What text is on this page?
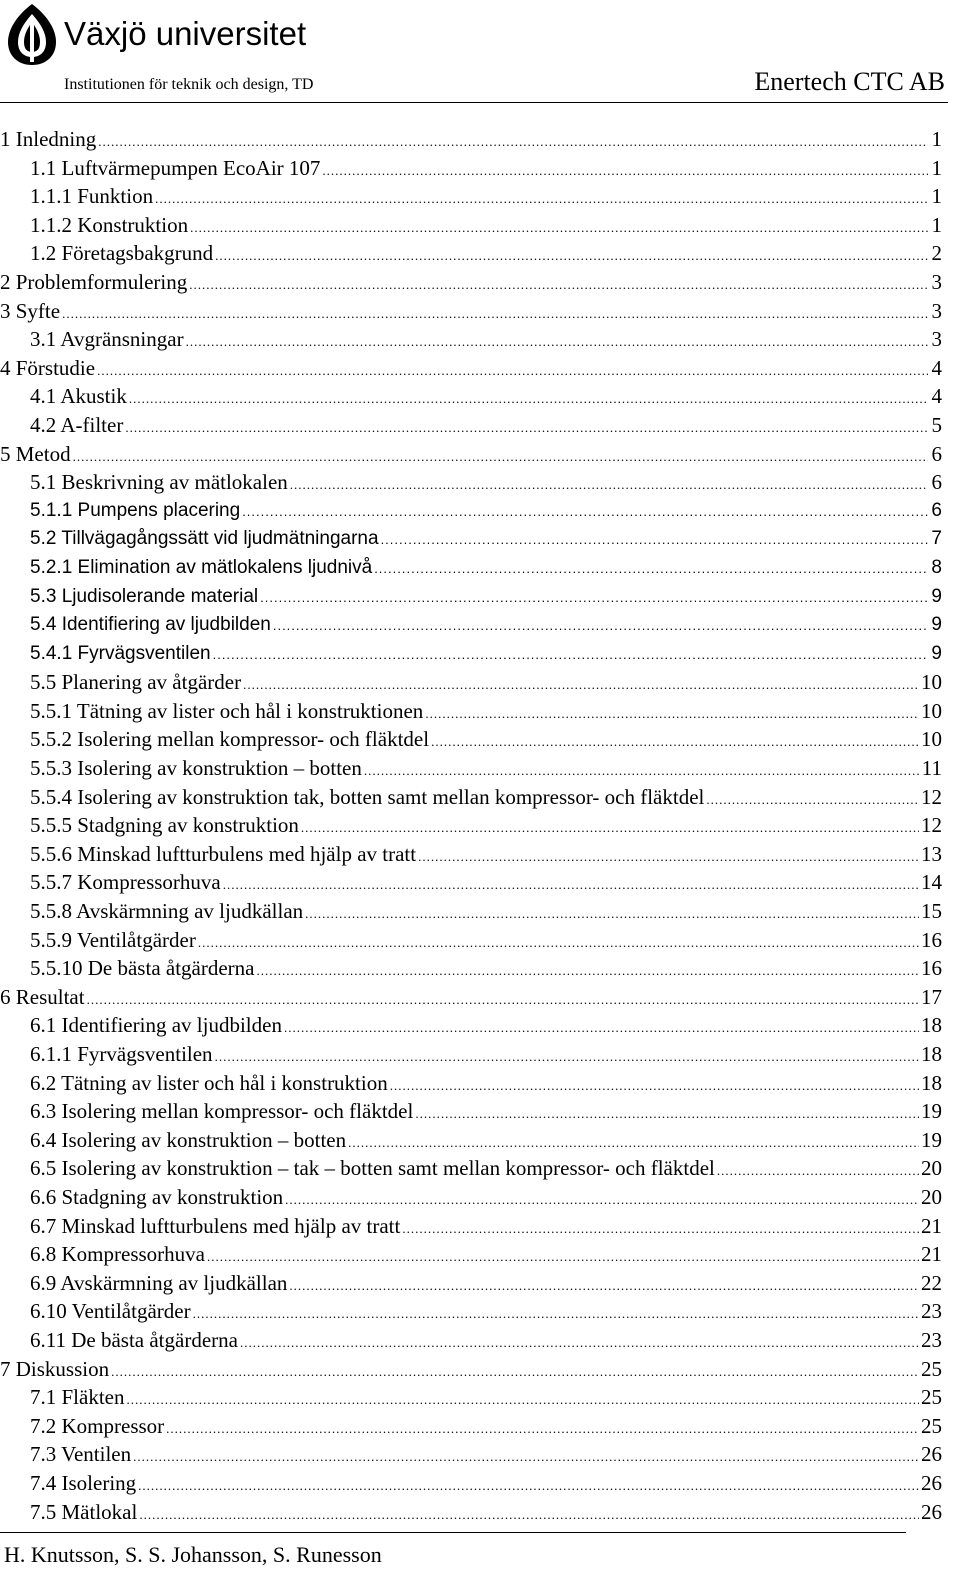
Växjö universitet
Institutionen för teknik och design, TD	Enertech CTC AB
1 Inledning .....	1
1.1 Luftvärmepumpen EcoAir 107 .....	1
1.1.1 Funktion .....	1
1.1.2 Konstruktion .....	1
1.2 Företagsbakgrund .....	2
2 Problemformulering .....	3
3 Syfte .....	3
3.1 Avgränsningar .....	3
4 Förstudie .....	4
4.1 Akustik .....	4
4.2 A-filter .....	5
5 Metod .....	6
5.1 Beskrivning av mätlokalen .....	6
5.1.1 Pumpens placering .....	6
5.2 Tillvägagångssätt vid ljudmätningarna .....	7
5.2.1 Elimination av mätlokalens ljudnivå .....	8
5.3 Ljudisolerande material .....	9
5.4 Identifiering av ljudbilden .....	9
5.4.1 Fyrvägsventilen .....	9
5.5 Planering av åtgärder .....	10
5.5.1 Tätning av lister och hål i konstruktionen .....	10
5.5.2 Isolering mellan kompressor- och fläktdel .....	10
5.5.3 Isolering av konstruktion – botten .....	11
5.5.4 Isolering av konstruktion tak, botten samt mellan kompressor- och fläktdel .....	12
5.5.5 Stadgning av konstruktion .....	12
5.5.6 Minskad luftturbulens med hjälp av tratt .....	13
5.5.7 Kompressorhuva .....	14
5.5.8 Avskärmning av ljudkällan .....	15
5.5.9 Ventilåtgärder .....	16
5.5.10 De bästa åtgärderna .....	16
6 Resultat .....	17
6.1 Identifiering av ljudbilden .....	18
6.1.1 Fyrvägsventilen .....	18
6.2 Tätning av lister och hål i konstruktion .....	18
6.3 Isolering mellan kompressor- och fläktdel .....	19
6.4 Isolering av konstruktion – botten .....	19
6.5 Isolering av konstruktion – tak – botten samt mellan kompressor- och fläktdel .....	20
6.6 Stadgning av konstruktion .....	20
6.7 Minskad luftturbulens med hjälp av tratt .....	21
6.8 Kompressorhuva .....	21
6.9 Avskärmning av ljudkällan .....	22
6.10 Ventilåtgärder .....	23
6.11 De bästa åtgärderna .....	23
7 Diskussion .....	25
7.1 Fläkten .....	25
7.2 Kompressor .....	25
7.3 Ventilen .....	26
7.4 Isolering .....	26
7.5 Mätlokal .....	26
H. Knutsson, S. S. Johansson, S. Runesson
